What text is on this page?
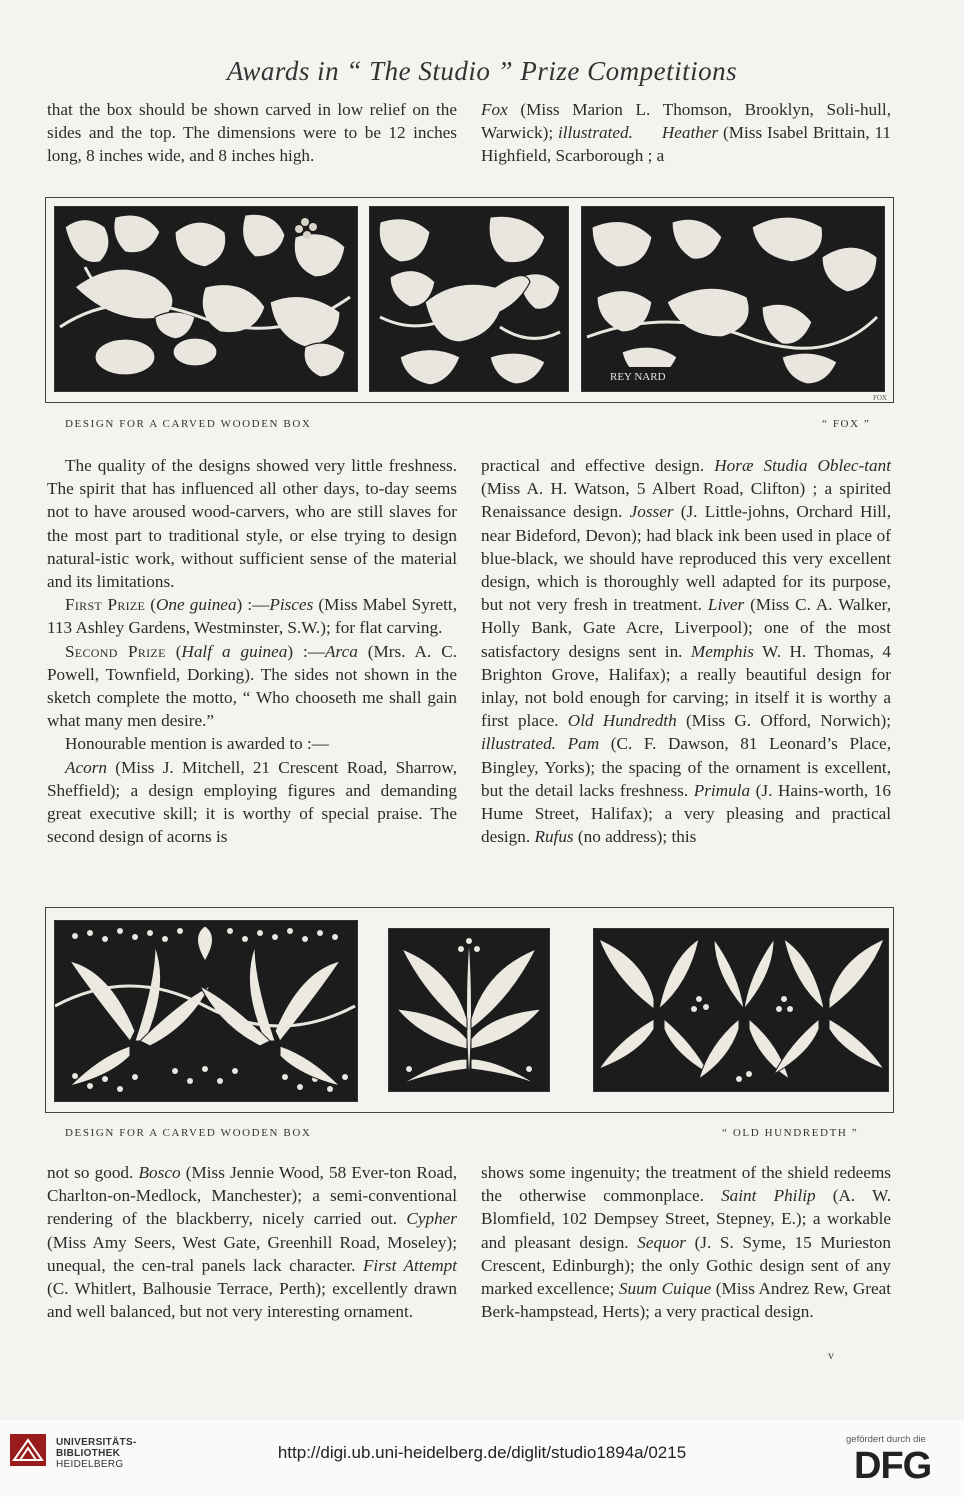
Awards in “ The Studio ” Prize Competitions

that the box should be shown carved in low relief on the sides and the top. The dimensions were to be 12 inches long, 8 inches wide, and 8 inches high.

Fox (Miss Marion L. Thomson, Brooklyn, Soli-hull, Warwick); illustrated. Heather (Miss Isabel Brittain, 11 Highfield, Scarborough ; a

REY NARD
FOX
DESIGN FOR A CARVED WOODEN BOX	“ FOX ”

The quality of the designs showed very little freshness. The spirit that has influenced all other days, to-day seems not to have aroused wood-carvers, who are still slaves for the most part to traditional style, or else trying to design natural-istic work, without sufficient sense of the material and its limitations.

First Prize (One guinea) :—Pisces (Miss Mabel Syrett, 113 Ashley Gardens, Westminster, S.W.); for flat carving.

Second Prize (Half a guinea) :—Arca (Mrs. A. C. Powell, Townfield, Dorking). The sides not shown in the sketch complete the motto, “ Who chooseth me shall gain what many men desire.”

Honourable mention is awarded to :—

Acorn (Miss J. Mitchell, 21 Crescent Road, Sharrow, Sheffield); a design employing figures and demanding great executive skill; it is worthy of special praise. The second design of acorns is

practical and effective design. Horæ Studia Oblec-tant (Miss A. H. Watson, 5 Albert Road, Clifton) ; a spirited Renaissance design. Josser (J. Little-johns, Orchard Hill, near Bideford, Devon); had black ink been used in place of blue-black, we should have reproduced this very excellent design, which is thoroughly well adapted for its purpose, but not very fresh in treatment. Liver (Miss C. A. Walker, Holly Bank, Gate Acre, Liverpool); one of the most satisfactory designs sent in. Memphis W. H. Thomas, 4 Brighton Grove, Halifax); a really beautiful design for inlay, not bold enough for carving; in itself it is worthy a first place. Old Hundredth (Miss G. Offord, Norwich); illustrated. Pam (C. F. Dawson, 81 Leonard’s Place, Bingley, Yorks); the spacing of the ornament is excellent, but the detail lacks freshness. Primula (J. Hains-worth, 16 Hume Street, Halifax); a very pleasing and practical design. Rufus (no address); this

DESIGN FOR A CARVED WOODEN BOX	“ OLD HUNDREDTH ”

not so good. Bosco (Miss Jennie Wood, 58 Ever-ton Road, Charlton-on-Medlock, Manchester); a semi-conventional rendering of the blackberry, nicely carried out. Cypher (Miss Amy Seers, West Gate, Greenhill Road, Moseley); unequal, the cen-tral panels lack character. First Attempt (C. Whitlert, Balhousie Terrace, Perth); excellently drawn and well balanced, but not very interesting ornament.

shows some ingenuity; the treatment of the shield redeems the otherwise commonplace. Saint Philip (A. W. Blomfield, 102 Dempsey Street, Stepney, E.); a workable and pleasant design. Sequor (J. S. Syme, 15 Murieston Crescent, Edinburgh); the only Gothic design sent of any marked excellence; Suum Cuique (Miss Andrez Rew, Great Berk-hampstead, Herts); a very practical design.

v
UNIVERSITÄTS-
BIBLIOTHEK
HEIDELBERG
http://digi.ub.uni-heidelberg.de/diglit/studio1894a/0215
gefördert durch die
DFG
